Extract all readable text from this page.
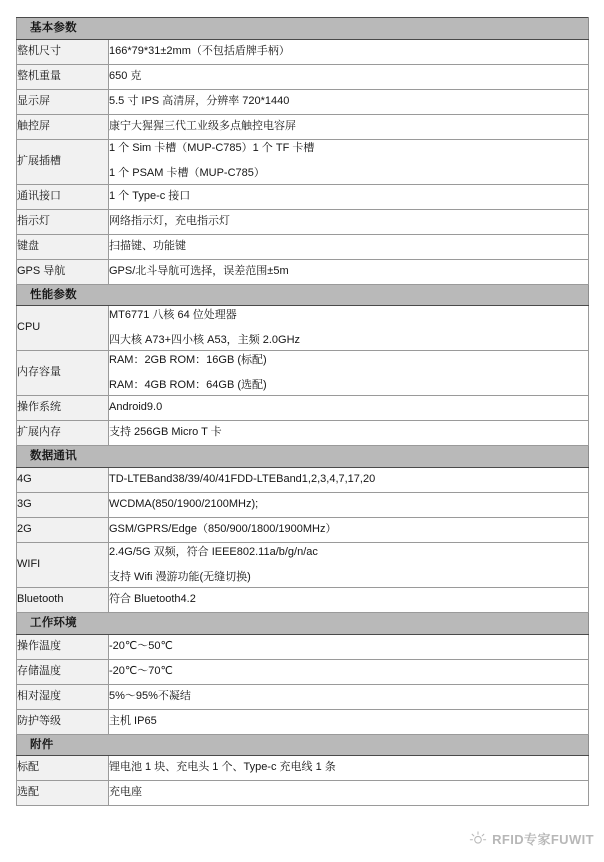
基本参数	

整机尺寸	166*79*31±2mm（不包括盾牌手柄）

整机重量	650 克

显示屏	5.5 寸 IPS 高清屏，分辨率 720*1440

触控屏	康宁大猩猩三代工业级多点触控电容屏

扩展插槽	1 个 Sim 卡槽（MUP-C785）1 个 TF 卡槽
1 个 PSAM 卡槽（MUP-C785）

通讯接口	1 个 Type-c 接口

指示灯	网络指示灯，充电指示灯

键盘	扫描键、功能键

GPS 导航	GPS/北斗导航可选择，误差范围±5m

性能参数	

CPU	MT6771 八核 64 位处理器
四大核 A73+四小核 A53，主频 2.0GHz

内存容量	RAM：2GB ROM：16GB (标配)
RAM：4GB ROM：64GB (选配)

操作系统	Android9.0

扩展内存	支持 256GB Micro T 卡

数据通讯	

4G	TD-LTEBand38/39/40/41FDD-LTEBand1,2,3,4,7,17,20

3G	WCDMA(850/1900/2100MHz);

2G	GSM/GPRS/Edge（850/900/1800/1900MHz）

WIFI	2.4G/5G 双频，符合 IEEE802.11a/b/g/n/ac
支持 Wifi 漫游功能(无缝切换)

Bluetooth	符合 Bluetooth4.2

工作环境	

操作温度	-20℃～50℃

存储温度	-20℃～70℃

相对湿度	5%～95%不凝结

防护等级	主机 IP65

附件	

标配	锂电池 1 块、充电头 1 个、Type-c 充电线 1 条

选配	充电座
RFID专家FUWIT
